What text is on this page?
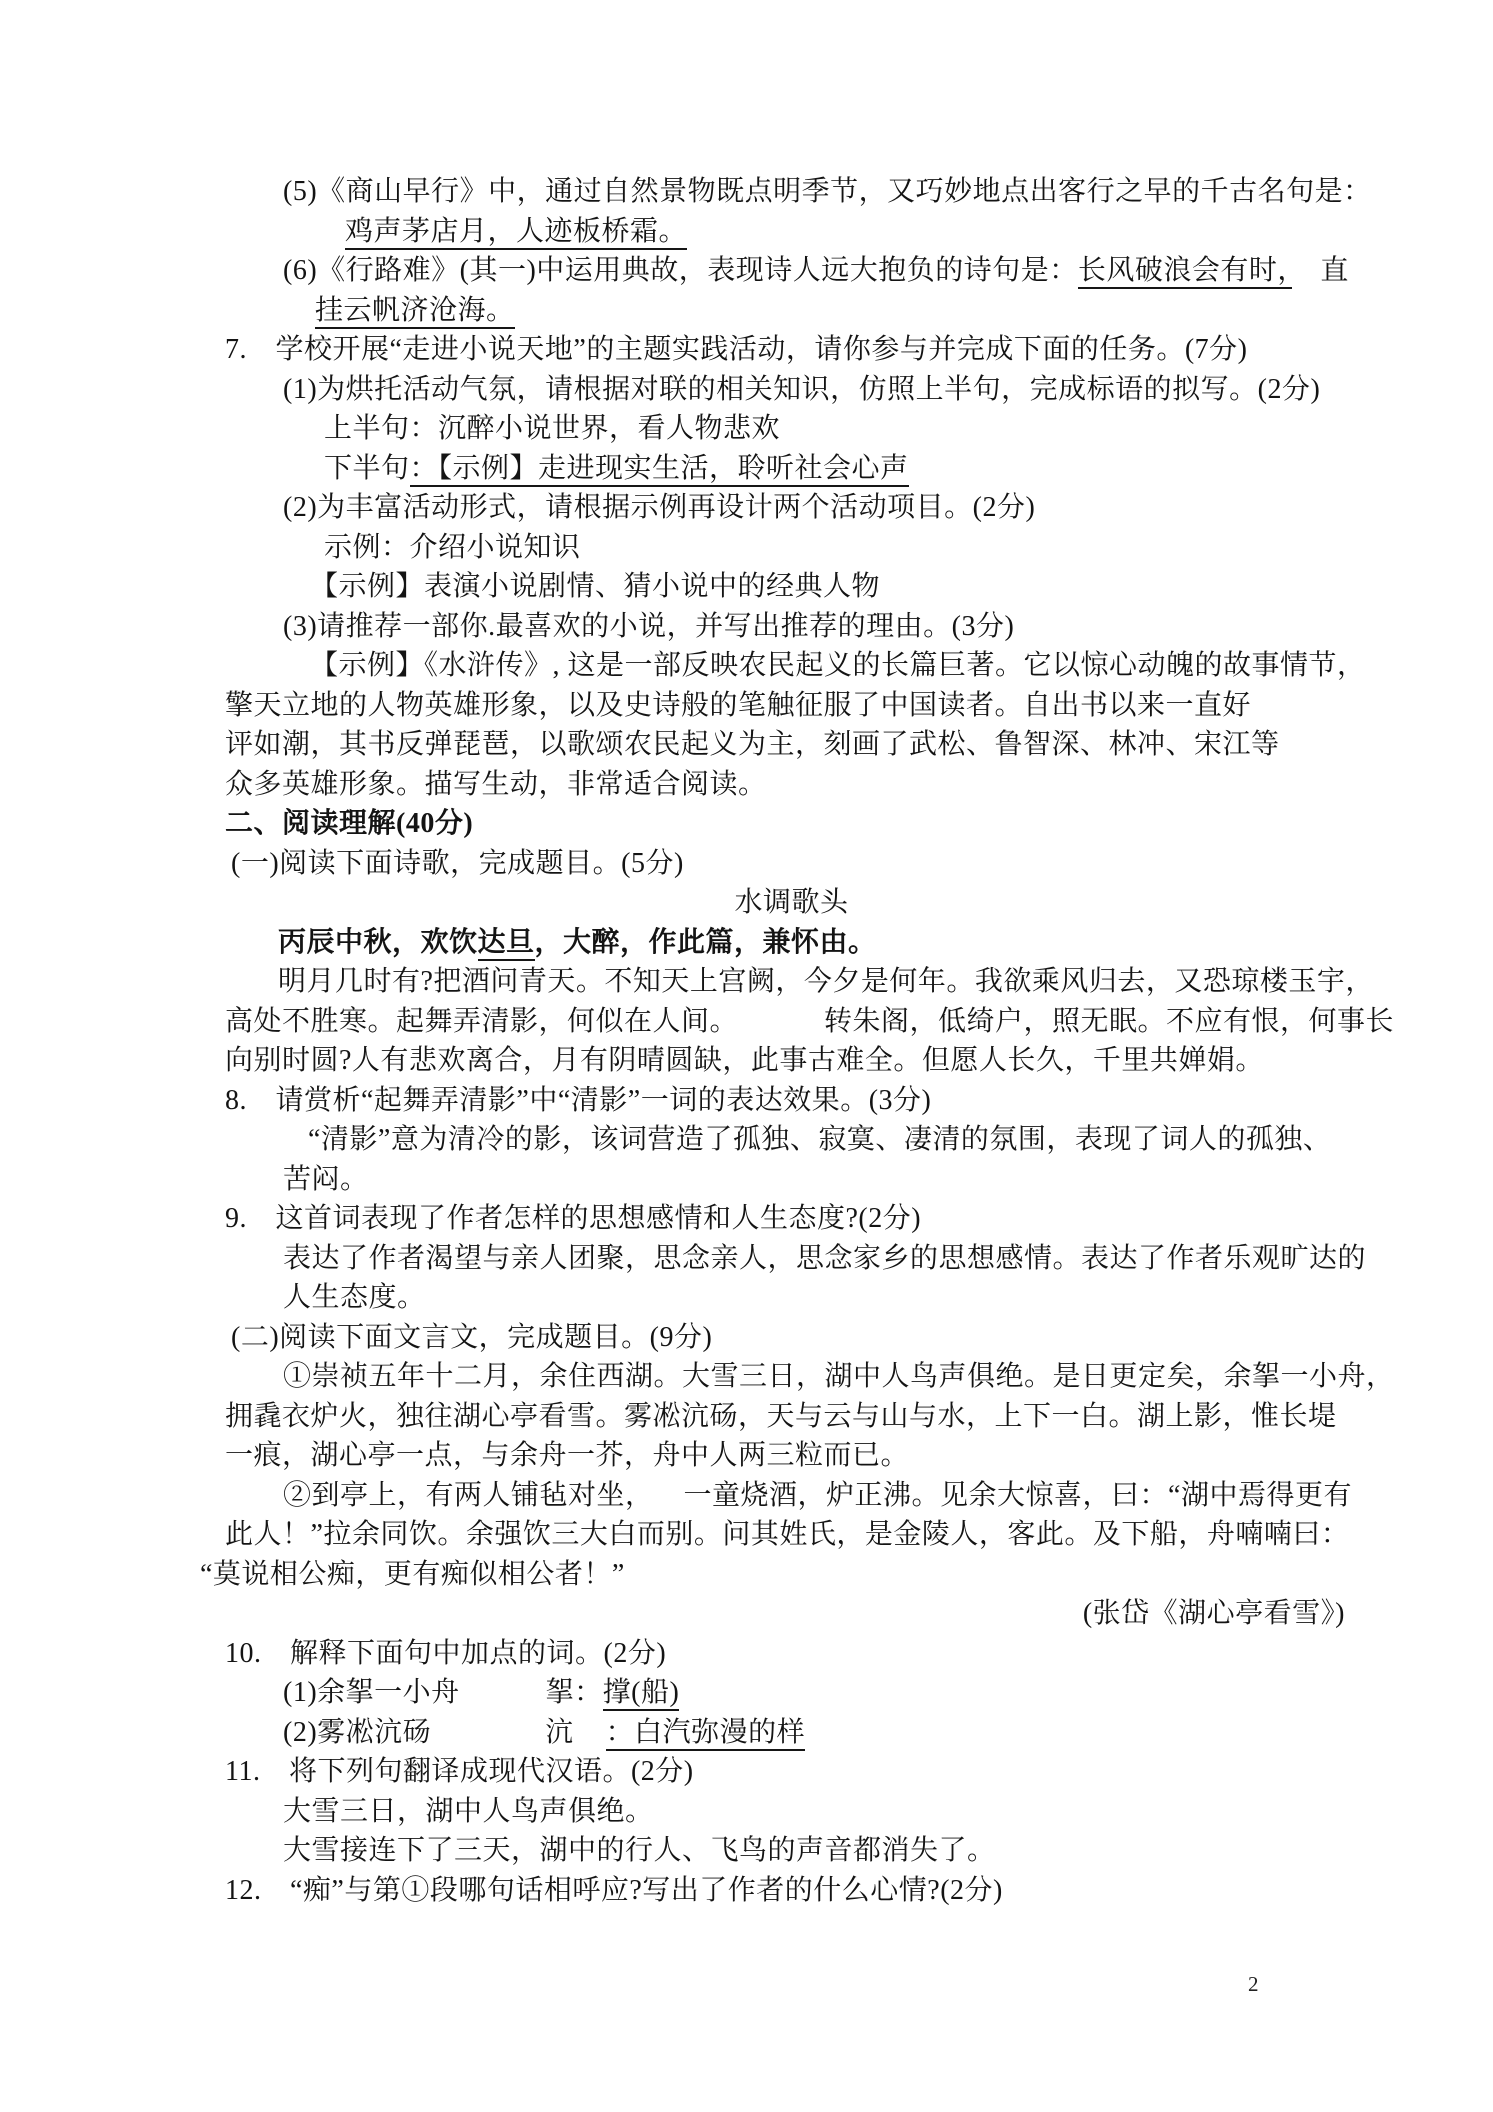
(5)《商山早行》中，通过自然景物既点明季节，又巧妙地点出客行之早的千古名句是：
鸡声茅店月，人迹板桥霜。
(6)《行路难》(其一)中运用典故，表现诗人远大抱负的诗句是：长风破浪会有时，　直
挂云帆济沧海。
7.　学校开展“走进小说天地”的主题实践活动，请你参与并完成下面的任务。(7分)
(1)为烘托活动气氛，请根据对联的相关知识，仿照上半句，完成标语的拟写。(2分)
上半句：沉醉小说世界，看人物悲欢
下半句：【示例】走进现实生活，聆听社会心声
(2)为丰富活动形式，请根据示例再设计两个活动项目。(2分)
示例：介绍小说知识
【示例】表演小说剧情、猜小说中的经典人物
(3)请推荐一部你.最喜欢的小说，并写出推荐的理由。(3分)
【示例】《水浒传》, 这是一部反映农民起义的长篇巨著。它以惊心动魄的故事情节，
擎天立地的人物英雄形象，以及史诗般的笔触征服了中国读者。自出书以来一直好
评如潮，其书反弹琵琶，以歌颂农民起义为主，刻画了武松、鲁智深、林冲、宋江等
众多英雄形象。描写生动，非常适合阅读。
二、阅读理解(40分)
(一)阅读下面诗歌，完成题目。(5分)
水调歌头
丙辰中秋，欢饮达旦，大醉，作此篇，兼怀由。
明月几时有?把酒问青天。不知天上宫阙，今夕是何年。我欲乘风归去，又恐琼楼玉宇，
高处不胜寒。起舞弄清影，何似在人间。	转朱阁，低绮户，照无眠。不应有恨，何事长
向别时圆?人有悲欢离合，月有阴晴圆缺，此事古难全。但愿人长久，千里共婵娟。
8.　请赏析“起舞弄清影”中“清影”一词的表达效果。(3分)
“清影”意为清冷的影，该词营造了孤独、寂寞、凄清的氛围，表现了词人的孤独、
苦闷。
9.　这首词表现了作者怎样的思想感情和人生态度?(2分)
表达了作者渴望与亲人团聚，思念亲人，思念家乡的思想感情。表达了作者乐观旷达的
人生态度。
(二)阅读下面文言文，完成题目。(9分)
①崇祯五年十二月，余住西湖。大雪三日，湖中人鸟声俱绝。是日更定矣，余挐一小舟，
拥毳衣炉火，独往湖心亭看雪。雾凇沆砀，天与云与山与水，上下一白。湖上影，惟长堤
一痕，湖心亭一点，与余舟一芥，舟中人两三粒而已。
②到亭上，有两人铺毡对坐， 一童烧酒，炉正沸。见余大惊喜，曰：“湖中焉得更有
此人！”拉余同饮。余强饮三大白而别。问其姓氏，是金陵人，客此。及下船，舟喃喃曰：
“莫说相公痴，更有痴似相公者！”
(张岱《湖心亭看雪》)
10.　解释下面句中加点的词。(2分)
(1)余挐一小舟	挐：撑(船)
(2)雾凇沆砀	沆 ：白汽弥漫的样
11.　将下列句翻译成现代汉语。(2分)
大雪三日，湖中人鸟声俱绝。
大雪接连下了三天，湖中的行人、飞鸟的声音都消失了。
12.　“痴”与第①段哪句话相呼应?写出了作者的什么心情?(2分)
2
